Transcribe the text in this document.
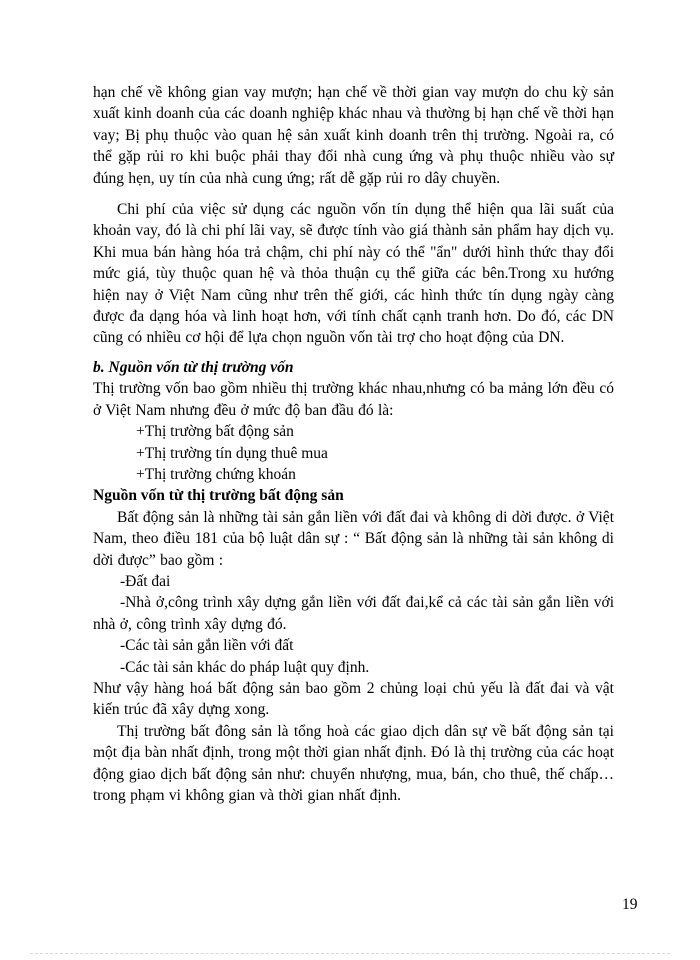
hạn chế về không gian vay mượn; hạn chế về thời gian vay mượn do chu kỳ sản xuất kinh doanh của các doanh nghiệp khác nhau và thường bị hạn chế về thời hạn vay; Bị phụ thuộc vào quan hệ sản xuất kinh doanh trên thị trường. Ngoài ra, có thể gặp rủi ro khi buộc phải thay đổi nhà cung ứng và phụ thuộc nhiều vào sự đúng hẹn, uy tín của nhà cung ứng; rất dễ gặp rủi ro dây chuyền.

Chi phí của việc sử dụng các nguồn vốn tín dụng thể hiện qua lãi suất của khoản vay, đó là chi phí lãi vay, sẽ được tính vào giá thành sản phẩm hay dịch vụ. Khi mua bán hàng hóa trả chậm, chi phí này có thể "ẩn" dưới hình thức thay đổi mức giá, tùy thuộc quan hệ và thỏa thuận cụ thể giữa các bên.Trong xu hướng hiện nay ở Việt Nam cũng như trên thế giới, các hình thức tín dụng ngày càng được đa dạng hóa và linh hoạt hơn, với tính chất cạnh tranh hơn. Do đó, các DN cũng có nhiều cơ hội để lựa chọn nguồn vốn tài trợ cho hoạt động của DN.

b. Nguồn vốn từ thị trường vốn

Thị trường vốn bao gồm nhiều thị trường khác nhau,nhưng có ba mảng lớn đều có ở Việt Nam nhưng đều ở mức độ ban đầu đó là:

+Thị trường bất động sản

+Thị trường tín dụng thuê mua

+Thị trường chứng khoán

Nguồn vốn từ thị trường bất động sản

Bất động sản là những tài sản gắn liền với đất đai và không di dời được. ở Việt Nam, theo điều 181 của bộ luật dân sự : “ Bất động sản là những tài sản không di dời được” bao gồm :

-Đất đai

-Nhà ở,công trình xây dựng gắn liền với đất đai,kể cả các tài sản gắn liền với nhà ở, công trình xây dựng đó.

-Các tài sản gắn liền với đất

-Các tài sản khác do pháp luật quy định.

Như vậy hàng hoá bất động sản bao gồm 2 chủng loại chủ yếu là đất đai và vật kiến trúc đã xây dựng xong.

Thị trường bất đông sản là tổng hoà các giao dịch dân sự về bất động sản tại một địa bàn nhất định, trong một thời gian nhất định. Đó là thị trường của các hoạt động giao dịch bất động sản như: chuyển nhượng, mua, bán, cho thuê, thế chấp…trong phạm vi không gian và thời gian nhất định.

19
